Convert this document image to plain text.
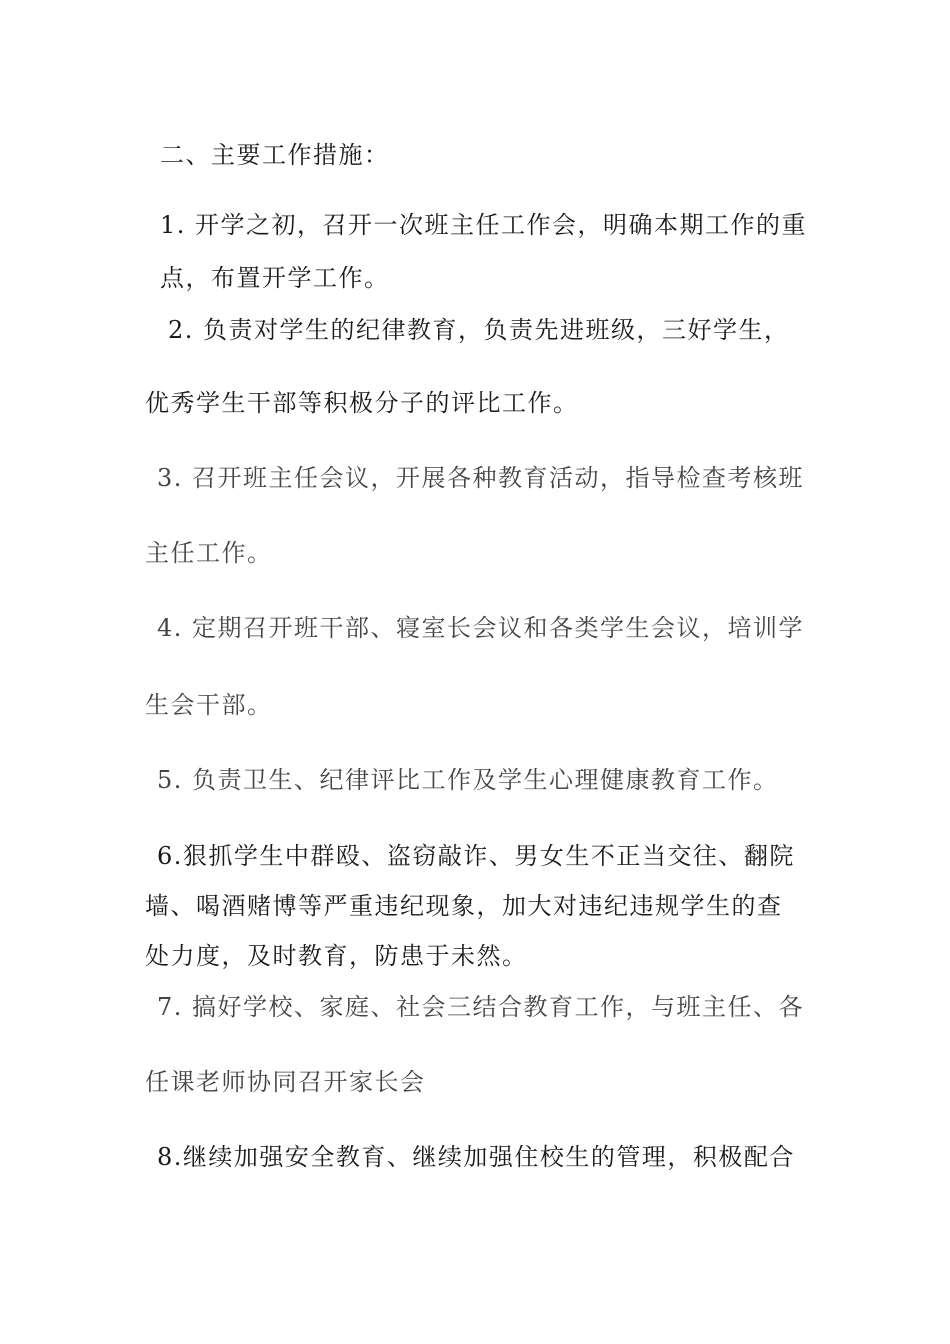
二、主要工作措施：
1. 开学之初，召开一次班主任工作会，明确本期工作的重
点，布置开学工作。
2. 负责对学生的纪律教育，负责先进班级，三好学生，
优秀学生干部等积极分子的评比工作。
3. 召开班主任会议，开展各种教育活动，指导检查考核班
主任工作。
4. 定期召开班干部、寝室长会议和各类学生会议，培训学
生会干部。
5. 负责卫生、纪律评比工作及学生心理健康教育工作。
6.狠抓学生中群殴、盗窃敲诈、男女生不正当交往、翻院
墙、喝酒赌博等严重违纪现象，加大对违纪违规学生的查
处力度，及时教育，防患于未然。
7. 搞好学校、家庭、社会三结合教育工作，与班主任、各
任课老师协同召开家长会
8.继续加强安全教育、继续加强住校生的管理，积极配合
